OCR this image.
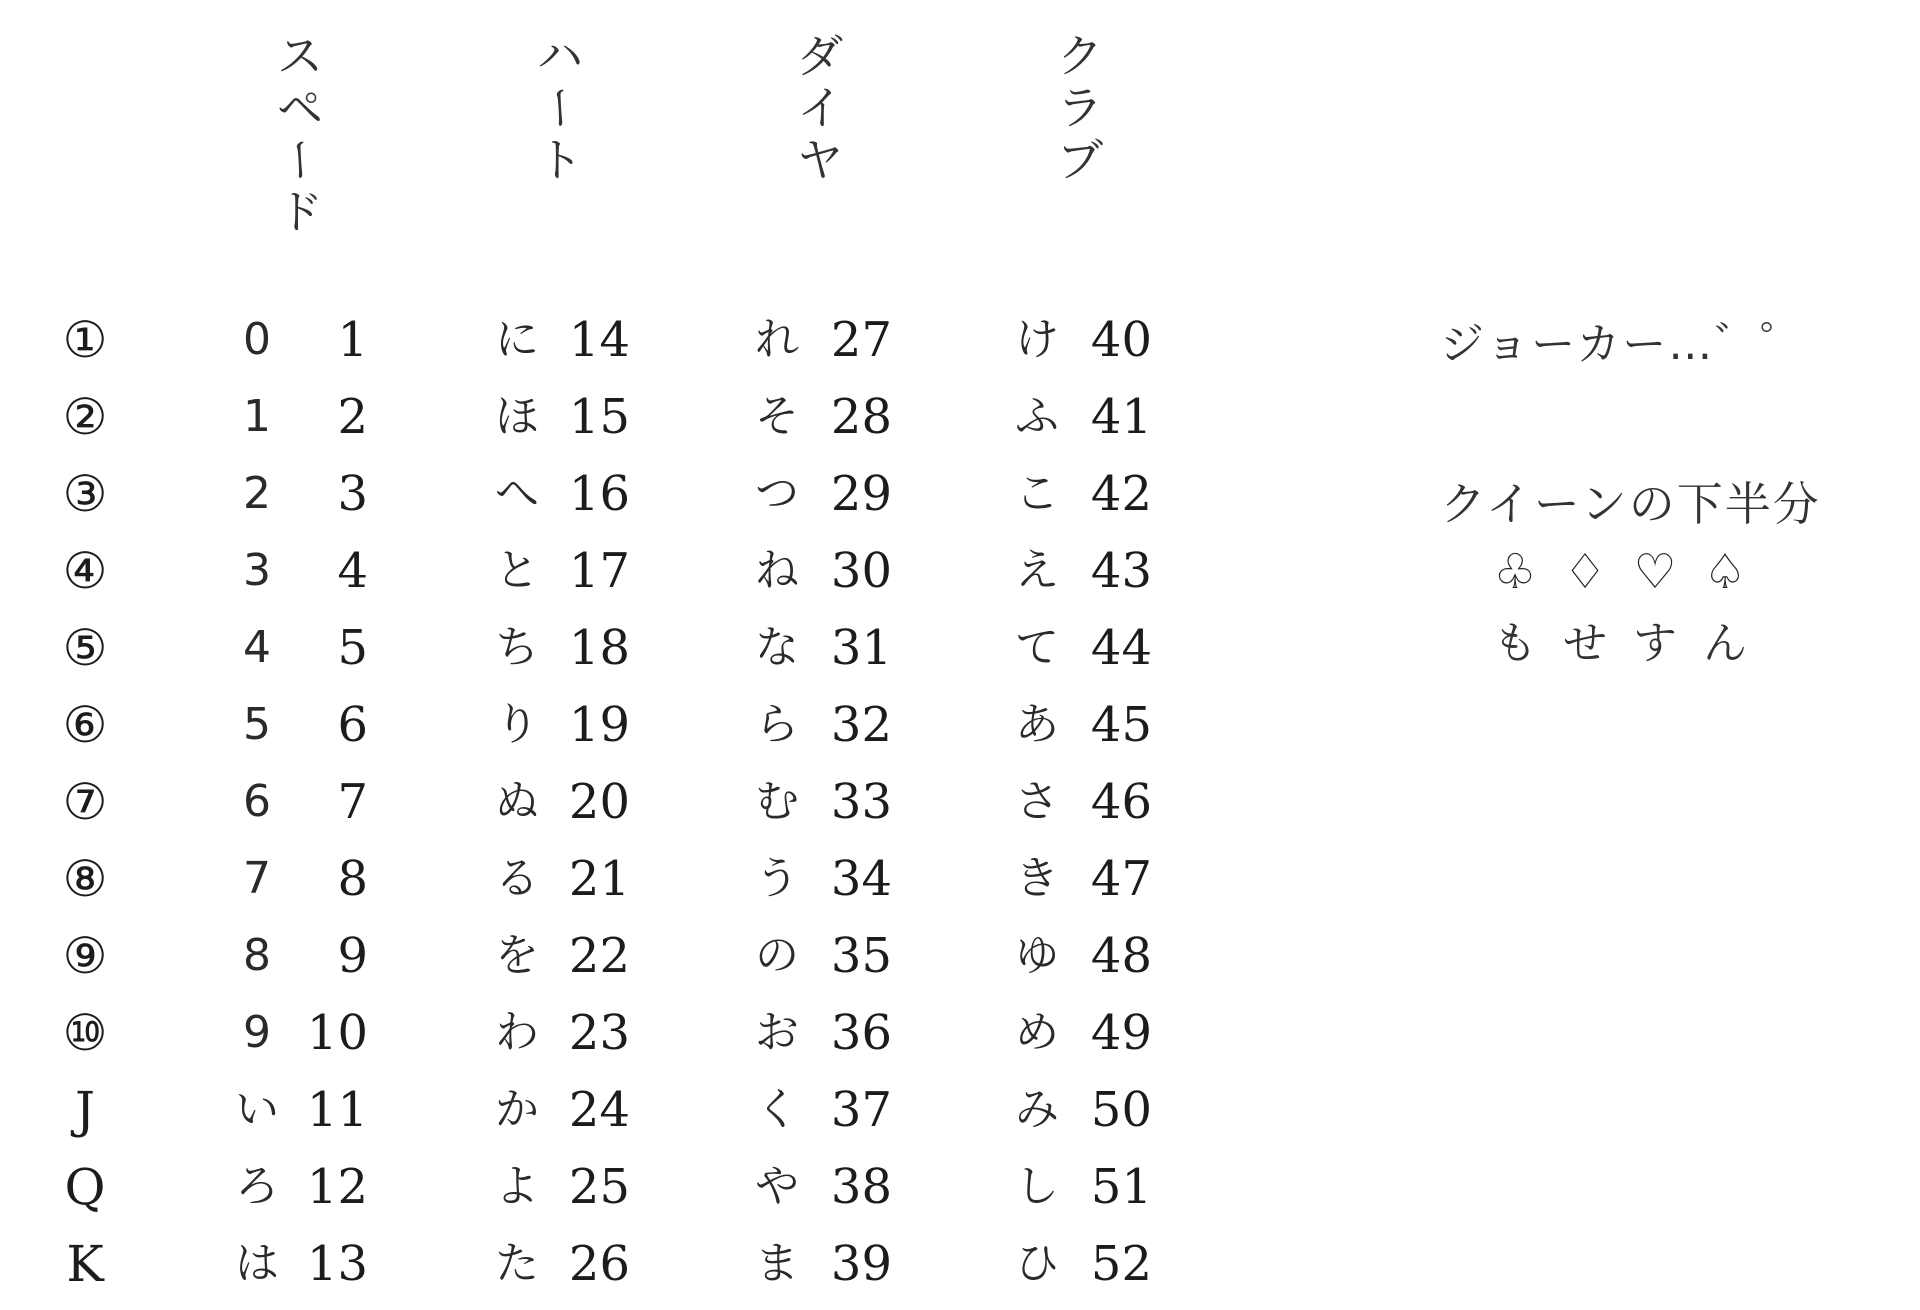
ス
ペ
ー
ド
ハ
ー
ト
ダ
イ
ヤ
ク
ラ
ブ
①	0	1	に 14	れ 27	け 40
②	1	2	ほ 15	そ 28	ふ 41
③	2	3	へ 16	つ 29	こ 42
④	3	4	と 17	ね 30	え 43
⑤	4	5	ち 18	な 31	て 44
⑥	5	6	り 19	ら 32	あ 45
⑦	6	7	ぬ 20	む 33	さ 46
⑧	7	8	る 21	う 34	き 47
⑨	8	9	を 22	の 35	ゆ 48
⑩	9 10	わ 23	お 36	め 49
J	い 11	か 24	く 37	み 50
Q	ろ 12	よ 25	や 38	し 51
K	は 13	た 26	ま 39	ひ 52
ジョーカー…゛゜
クイーンの下半分
♧ ♢ ♡ ♤
も せ す ん
